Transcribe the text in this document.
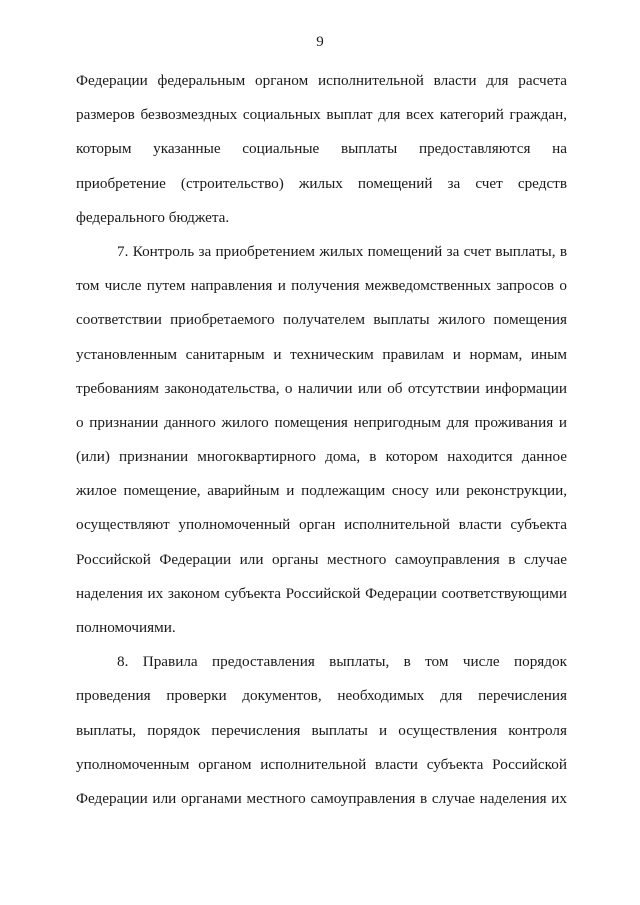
9
Федерации федеральным органом исполнительной власти для расчета
размеров безвозмездных социальных выплат для всех категорий граждан,
которым указанные социальные выплаты предоставляются на
приобретение (строительство) жилых помещений за счет средств
федерального бюджета.
7. Контроль за приобретением жилых помещений за счет выплаты, в
том числе путем направления и получения межведомственных запросов о
соответствии приобретаемого получателем выплаты жилого помещения
установленным санитарным и техническим правилам и нормам, иным
требованиям законодательства, о наличии или об отсутствии информации
о признании данного жилого помещения непригодным для проживания и
(или) признании многоквартирного дома, в котором находится данное
жилое помещение, аварийным и подлежащим сносу или реконструкции,
осуществляют уполномоченный орган исполнительной власти субъекта
Российской Федерации или органы местного самоуправления в случае
наделения их законом субъекта Российской Федерации соответствующими
полномочиями.
8. Правила предоставления выплаты, в том числе порядок
проведения проверки документов, необходимых для перечисления
выплаты, порядок перечисления выплаты и осуществления контроля
уполномоченным органом исполнительной власти субъекта Российской
Федерации или органами местного самоуправления в случае наделения их
